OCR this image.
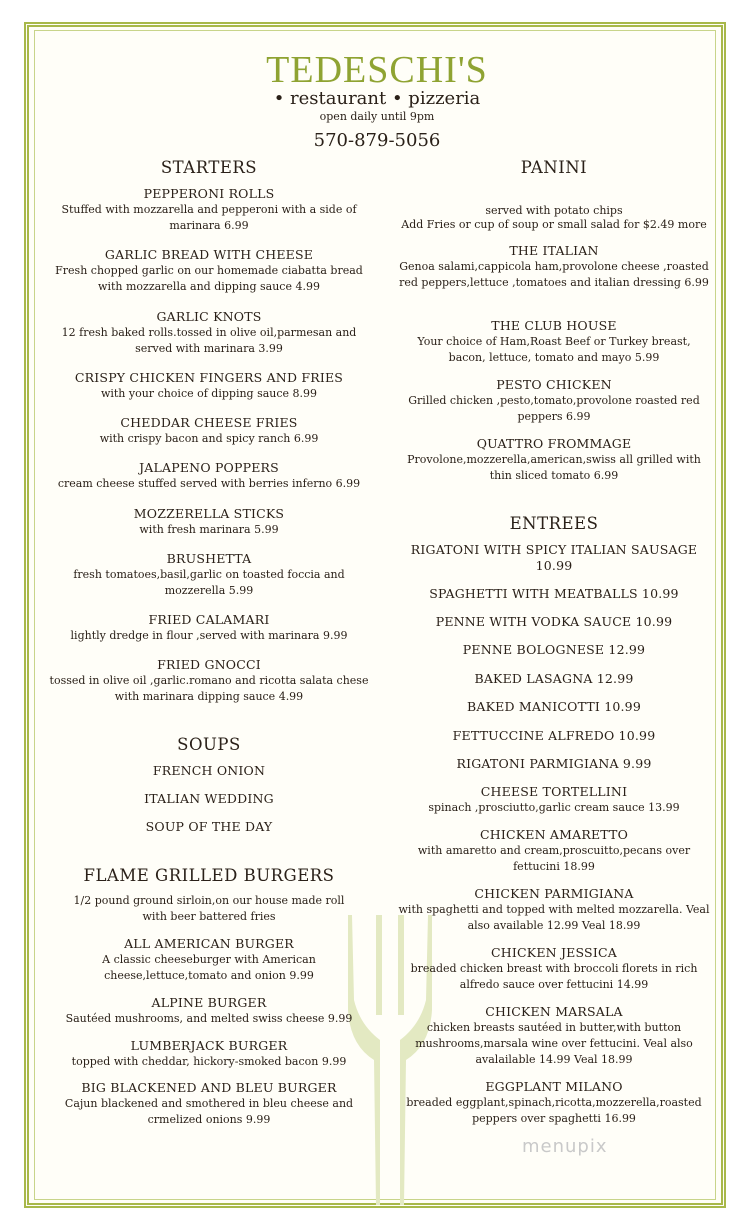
TEDESCHI'S
• restaurant • pizzeria
open daily until 9pm
570-879-5056
STARTERS
PEPPERONI ROLLS
Stuffed with mozzarella and pepperoni with a side of marinara 6.99
GARLIC BREAD WITH CHEESE
Fresh chopped garlic on our homemade ciabatta bread with mozzarella and dipping sauce 4.99
GARLIC KNOTS
12 fresh baked rolls.tossed in olive oil,parmesan and served with marinara 3.99
CRISPY CHICKEN FINGERS AND FRIES
with your choice of dipping sauce 8.99
CHEDDAR CHEESE FRIES
with crispy bacon and spicy ranch 6.99
JALAPENO POPPERS
cream cheese stuffed served with berries inferno 6.99
MOZZERELLA STICKS
with fresh marinara 5.99
BRUSHETTA
fresh tomatoes,basil,garlic on toasted foccia and mozzerella 5.99
FRIED CALAMARI
lightly dredge in flour ,served with marinara 9.99
FRIED GNOCCI
tossed in olive oil ,garlic.romano and ricotta salata chese with marinara dipping sauce 4.99
SOUPS
FRENCH ONION
ITALIAN WEDDING
SOUP OF THE DAY
FLAME GRILLED BURGERS
1/2 pound ground sirloin,on our house made roll with beer battered fries
ALL AMERICAN BURGER
A classic cheeseburger with American cheese,lettuce,tomato and onion 9.99
ALPINE BURGER
Sautéed mushrooms, and melted swiss cheese 9.99
LUMBERJACK BURGER
topped with cheddar, hickory-smoked bacon 9.99
BIG BLACKENED AND BLEU BURGER
Cajun blackened and smothered in bleu cheese and crmelized onions 9.99
PANINI
served with potato chips
Add Fries or cup of soup or small salad for $2.49 more
THE ITALIAN
Genoa salami,cappicola ham,provolone cheese ,roasted red peppers,lettuce ,tomatoes and italian dressing 6.99
THE CLUB HOUSE
Your choice of Ham,Roast Beef or Turkey breast, bacon, lettuce, tomato and mayo 5.99
PESTO CHICKEN
Grilled chicken ,pesto,tomato,provolone roasted red peppers 6.99
QUATTRO FROMMAGE
Provolone,mozzerella,american,swiss all grilled with thin sliced tomato 6.99
ENTREES
RIGATONI WITH SPICY ITALIAN SAUSAGE 10.99
SPAGHETTI WITH MEATBALLS 10.99
PENNE WITH VODKA SAUCE 10.99
PENNE BOLOGNESE 12.99
BAKED LASAGNA 12.99
BAKED MANICOTTI 10.99
FETTUCCINE ALFREDO 10.99
RIGATONI PARMIGIANA 9.99
CHEESE TORTELLINI
spinach ,prosciutto,garlic cream sauce 13.99
CHICKEN AMARETTO
with amaretto and cream,proscuitto,pecans over fettucini 18.99
CHICKEN PARMIGIANA
with spaghetti and topped with melted mozzarella. Veal also available 12.99 Veal 18.99
CHICKEN JESSICA
breaded chicken breast with broccoli florets in rich alfredo sauce over fettucini 14.99
CHICKEN MARSALA
chicken breasts sautéed in butter,with button mushrooms,marsala wine over fettucini. Veal also avalailable 14.99 Veal 18.99
EGGPLANT MILANO
breaded eggplant,spinach,ricotta,mozzerella,roasted peppers over spaghetti 16.99
menupix
